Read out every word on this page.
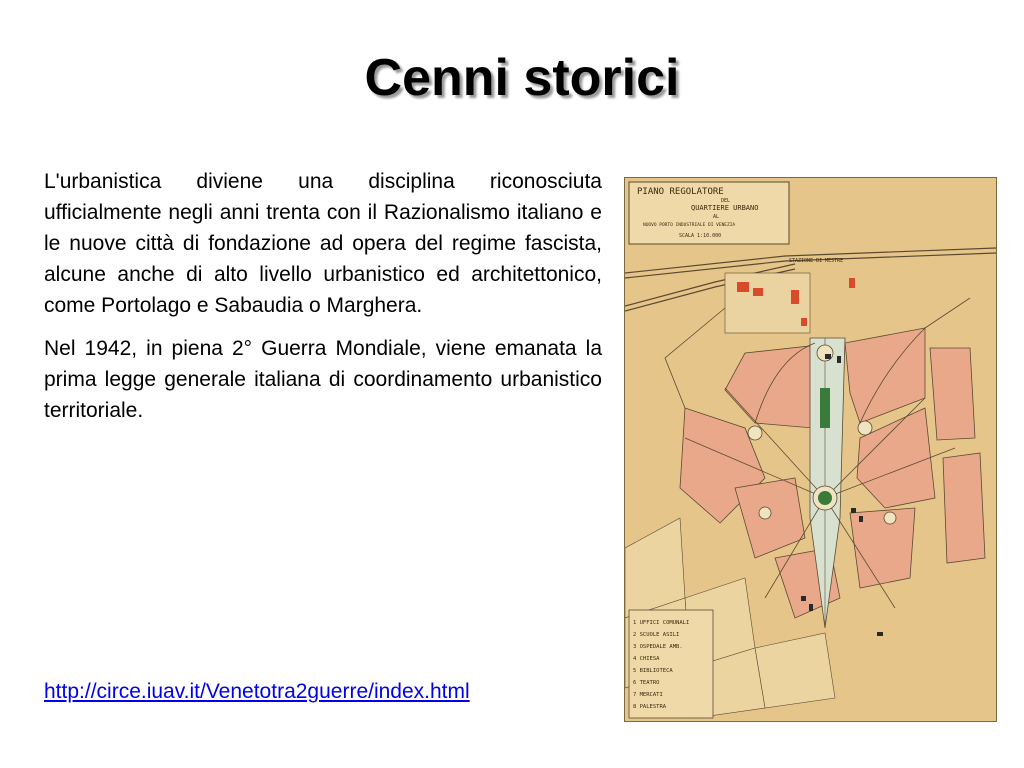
Cenni storici

L'urbanistica diviene una disciplina riconosciuta ufficialmente negli anni trenta con il Razionalismo italiano e le nuove città di fondazione ad opera del regime fascista, alcune anche di alto livello urbanistico ed architettonico, come Portolago e Sabaudia o Marghera.

Nel 1942, in piena 2° Guerra Mondiale, viene emanata la prima legge generale italiana di coordinamento urbanistico territoriale.

http://circe.iuav.it/Venetotra2guerre/index.html
PIANO REGOLATORE
DEL
QUARTIERE URBANO
AL
NUOVO PORTO INDUSTRIALE DI VENEZIA
SCALA 1:10.000
STAZIONE DI MESTRE
1 UFFICI COMUNALI
2 SCUOLE ASILI
3 OSPEDALE AMB.
4 CHIESA
5 BIBLIOTECA
6 TEATRO
7 MERCATI
8 PALESTRA
